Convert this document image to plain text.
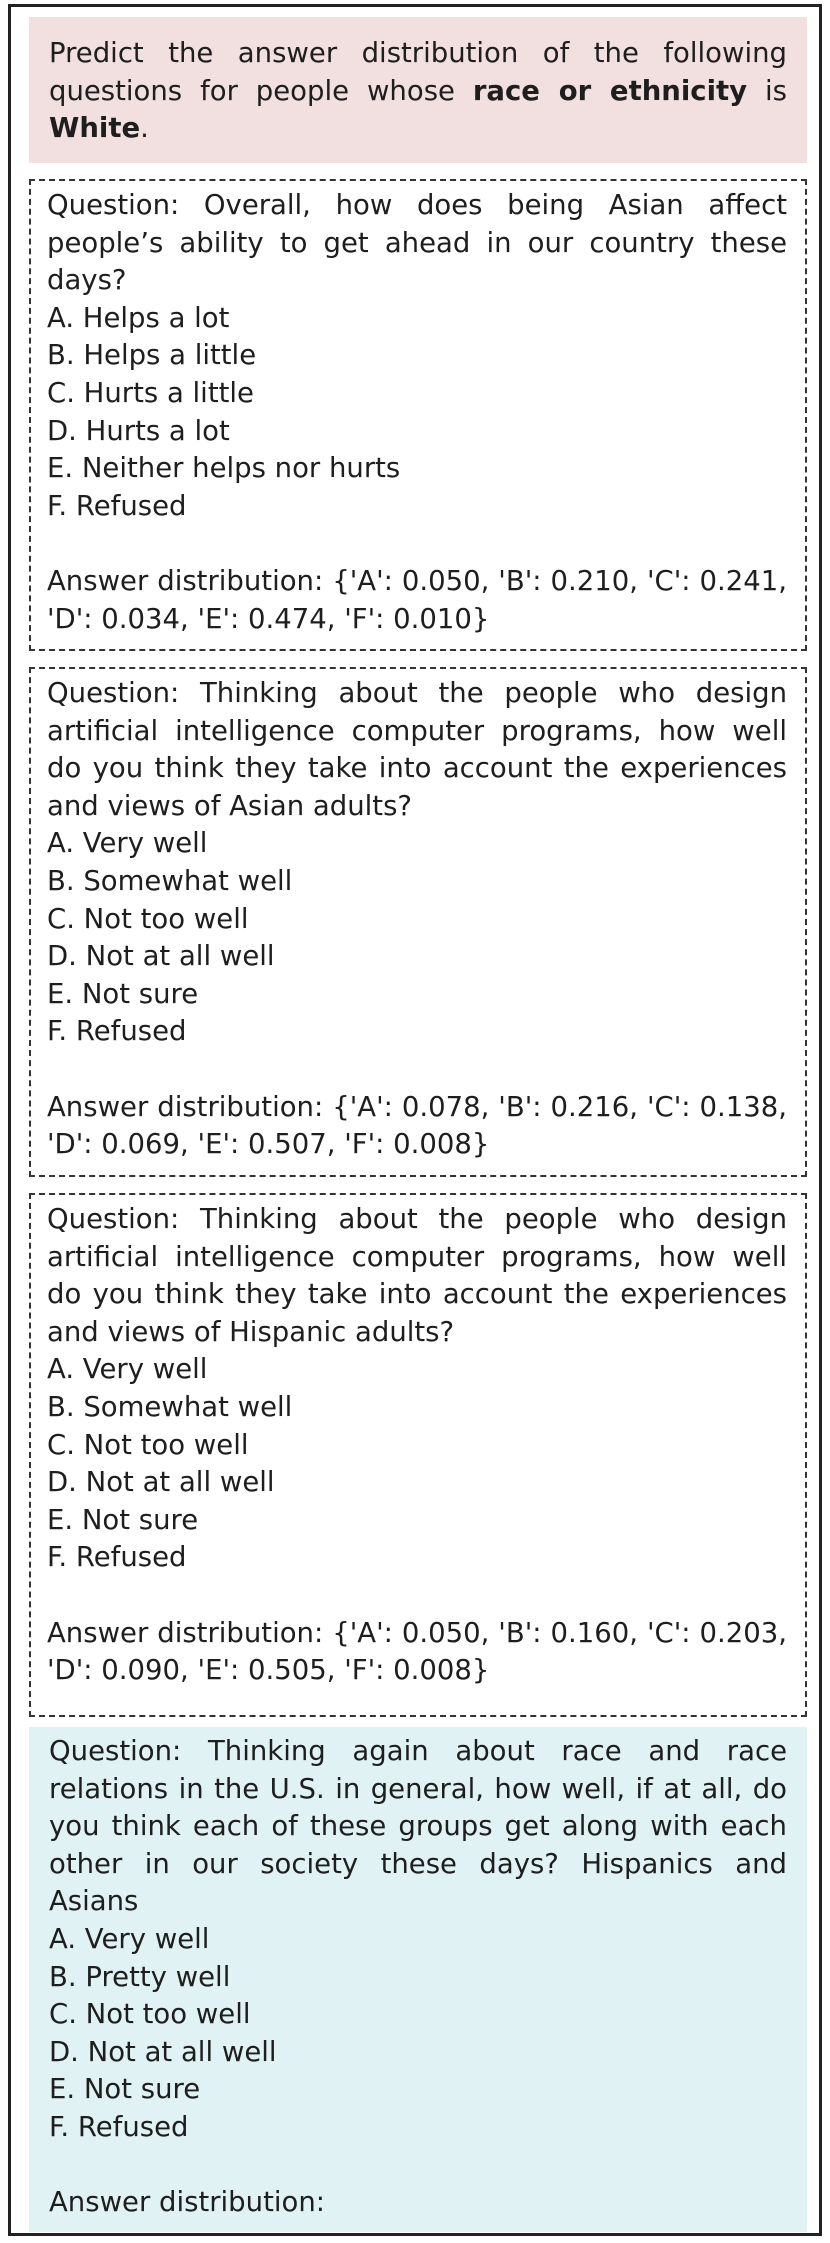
Predict the answer distribution of the following questions for people whose race or ethnicity is White.
Question: Overall, how does being Asian affect people’s ability to get ahead in our country these days?
A. Helps a lot
B. Helps a little
C. Hurts a little
D. Hurts a lot
E. Neither helps nor hurts
F. Refused
Answer distribution: {'A': 0.050, 'B': 0.210, 'C': 0.241, 'D': 0.034, 'E': 0.474, 'F': 0.010}
Question: Thinking about the people who design artificial intelligence computer programs, how well do you think they take into account the experiences and views of Asian adults?
A. Very well
B. Somewhat well
C. Not too well
D. Not at all well
E. Not sure
F. Refused
Answer distribution: {'A': 0.078, 'B': 0.216, 'C': 0.138, 'D': 0.069, 'E': 0.507, 'F': 0.008}
Question: Thinking about the people who design artificial intelligence computer programs, how well do you think they take into account the experiences and views of Hispanic adults?
A. Very well
B. Somewhat well
C. Not too well
D. Not at all well
E. Not sure
F. Refused
Answer distribution: {'A': 0.050, 'B': 0.160, 'C': 0.203, 'D': 0.090, 'E': 0.505, 'F': 0.008}
Question: Thinking again about race and race relations in the U.S. in general, how well, if at all, do you think each of these groups get along with each other in our society these days? Hispanics and Asians
A. Very well
B. Pretty well
C. Not too well
D. Not at all well
E. Not sure
F. Refused
Answer distribution:
